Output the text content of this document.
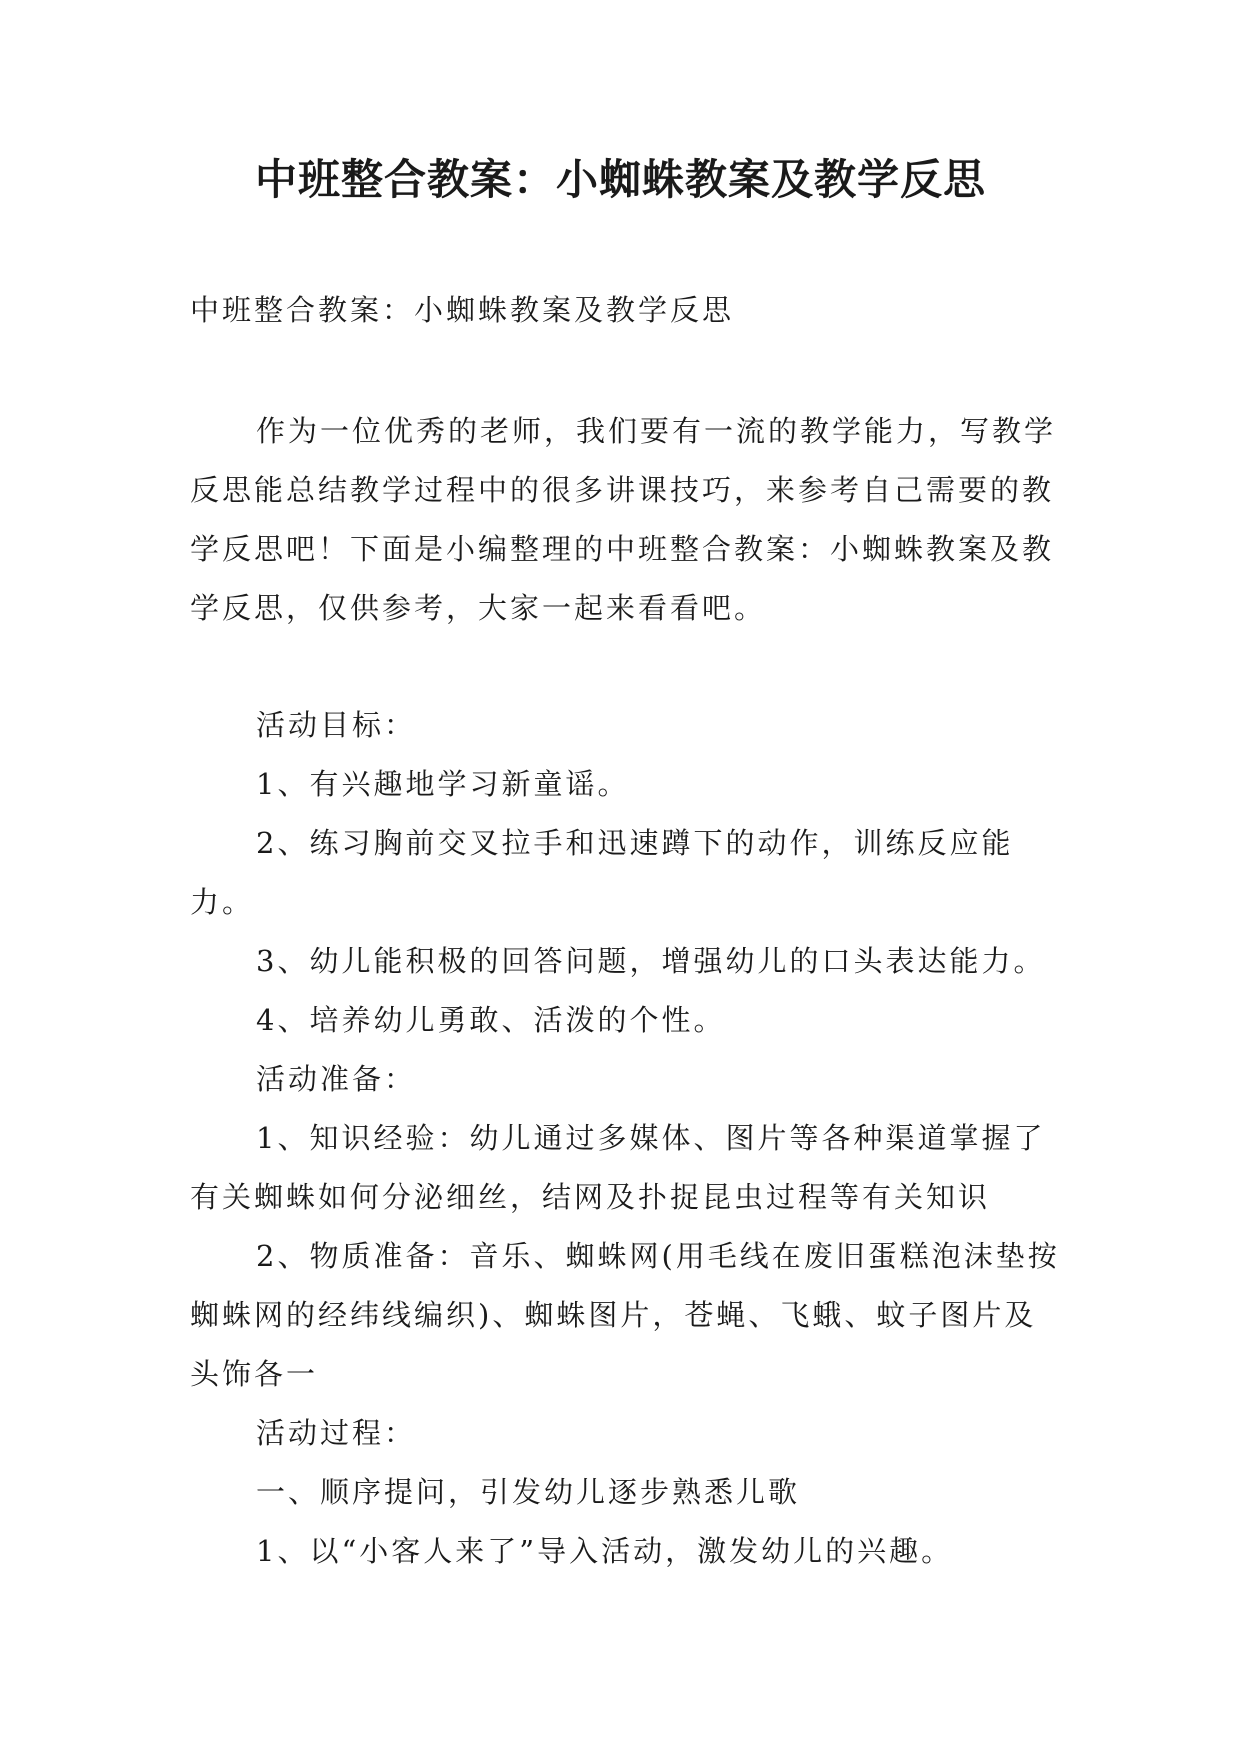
中班整合教案：小蜘蛛教案及教学反思

中班整合教案：小蜘蛛教案及教学反思

作为一位优秀的老师，我们要有一流的教学能力，写教学反思能总结教学过程中的很多讲课技巧，来参考自己需要的教学反思吧！下面是小编整理的中班整合教案：小蜘蛛教案及教学反思，仅供参考，大家一起来看看吧。

活动目标：

1、有兴趣地学习新童谣。

2、练习胸前交叉拉手和迅速蹲下的动作，训练反应能力。

3、幼儿能积极的回答问题，增强幼儿的口头表达能力。

4、培养幼儿勇敢、活泼的个性。

活动准备：

1、知识经验：幼儿通过多媒体、图片等各种渠道掌握了有关蜘蛛如何分泌细丝，结网及扑捉昆虫过程等有关知识

2、物质准备：音乐、蜘蛛网(用毛线在废旧蛋糕泡沫垫按蜘蛛网的经纬线编织)、蜘蛛图片，苍蝇、飞蛾、蚊子图片及头饰各一

活动过程：

一、顺序提问，引发幼儿逐步熟悉儿歌

1、以“小客人来了”导入活动，激发幼儿的兴趣。
